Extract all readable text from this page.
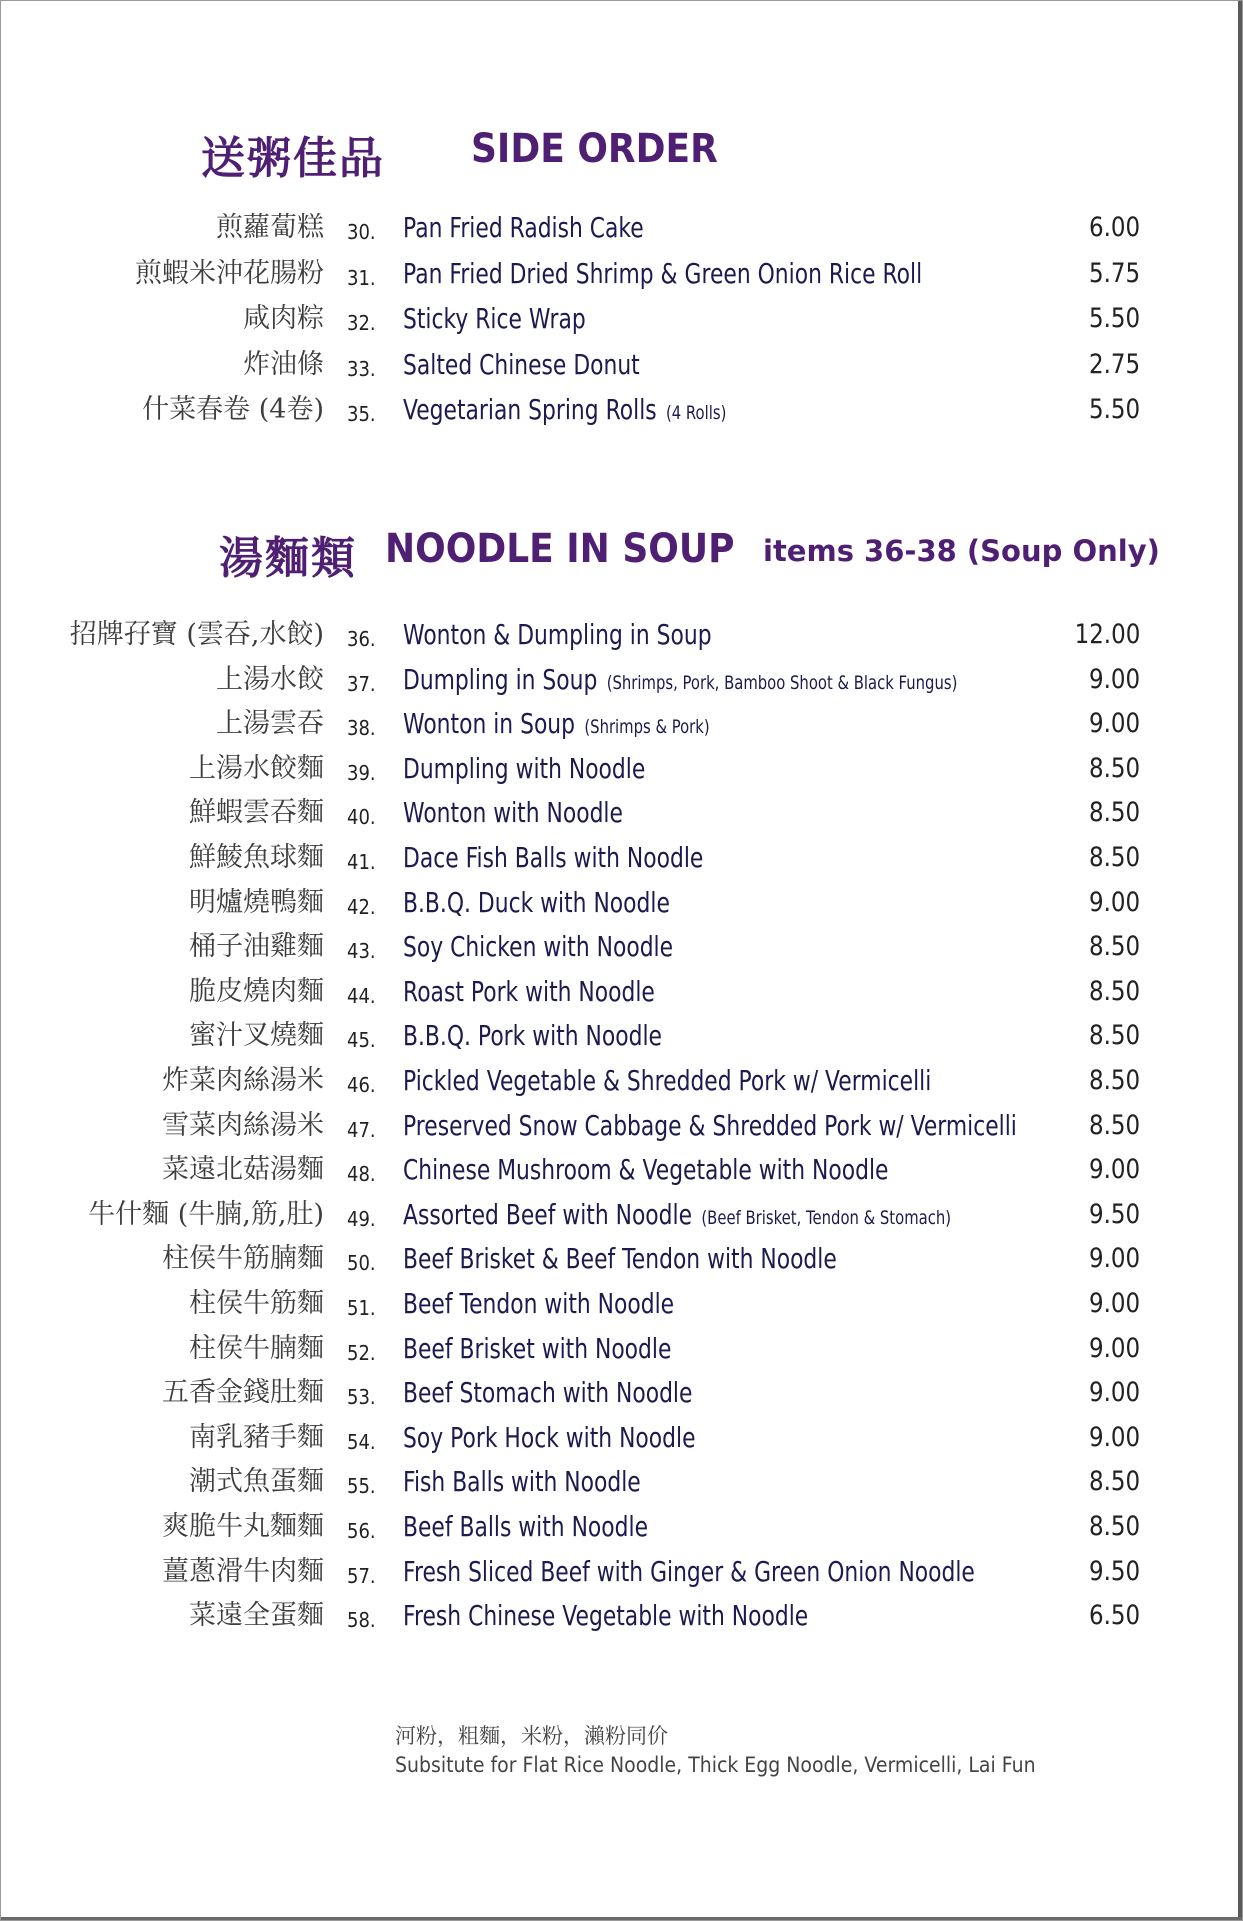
送粥佳品 SIDE ORDER
煎蘿蔔糕 30. Pan Fried Radish Cake	6.00
煎蝦米沖花腸粉 31. Pan Fried Dried Shrimp & Green Onion Rice Roll	5.75
咸肉粽 32. Sticky Rice Wrap	5.50
炸油條 33. Salted Chinese Donut	2.75
什菜春卷 (4卷) 35. Vegetarian Spring Rolls (4 Rolls)	5.50
湯麵類 NOODLE IN SOUP items 36-38 (Soup Only)
招牌孖寶 (雲吞,水餃) 36. Wonton & Dumpling in Soup	12.00
上湯水餃 37. Dumpling in Soup (Shrimps, Pork, Bamboo Shoot & Black Fungus)	9.00
上湯雲吞 38. Wonton in Soup (Shrimps & Pork)	9.00
上湯水餃麵 39. Dumpling with Noodle	8.50
鮮蝦雲吞麵 40. Wonton with Noodle	8.50
鮮鯪魚球麵 41. Dace Fish Balls with Noodle	8.50
明爐燒鴨麵 42. B.B.Q. Duck with Noodle	9.00
桶子油雞麵 43. Soy Chicken with Noodle	8.50
脆皮燒肉麵 44. Roast Pork with Noodle	8.50
蜜汁叉燒麵 45. B.B.Q. Pork with Noodle	8.50
炸菜肉絲湯米 46. Pickled Vegetable & Shredded Pork w/ Vermicelli	8.50
雪菜肉絲湯米 47. Preserved Snow Cabbage & Shredded Pork w/ Vermicelli	8.50
菜遠北菇湯麵 48. Chinese Mushroom & Vegetable with Noodle	9.00
牛什麵 (牛腩,筋,肚) 49. Assorted Beef with Noodle (Beef Brisket, Tendon & Stomach)	9.50
柱侯牛筋腩麵 50. Beef Brisket & Beef Tendon with Noodle	9.00
柱侯牛筋麵 51. Beef Tendon with Noodle	9.00
柱侯牛腩麵 52. Beef Brisket with Noodle	9.00
五香金錢肚麵 53. Beef Stomach with Noodle	9.00
南乳豬手麵 54. Soy Pork Hock with Noodle	9.00
潮式魚蛋麵 55. Fish Balls with Noodle	8.50
爽脆牛丸麵麵 56. Beef Balls with Noodle	8.50
薑蔥滑牛肉麵 57. Fresh Sliced Beef with Ginger & Green Onion Noodle	9.50
菜遠全蛋麵 58. Fresh Chinese Vegetable with Noodle	6.50
河粉，粗麵，米粉，瀨粉同价
Subsitute for Flat Rice Noodle, Thick Egg Noodle, Vermicelli, Lai Fun
